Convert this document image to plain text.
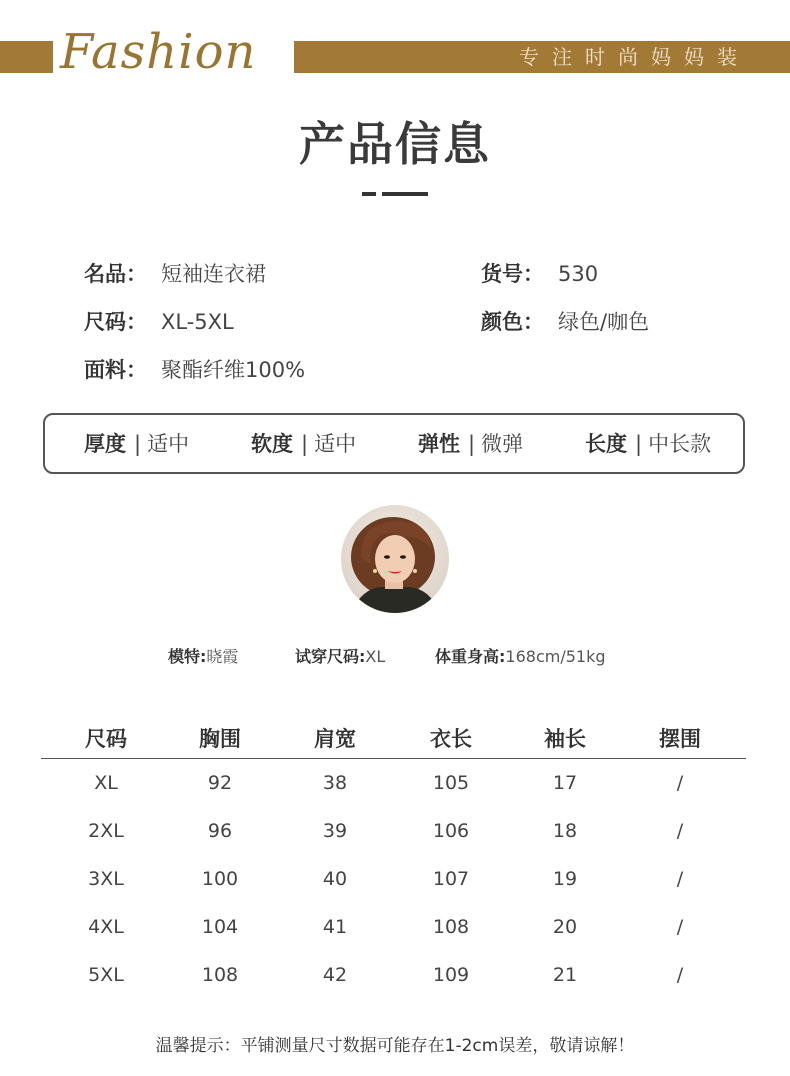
Fashion	专注时尚妈妈装
产品信息
名品： 短袖连衣裙	货号： 530
尺码： XL-5XL	颜色： 绿色/咖色
面料： 聚酯纤维100%
厚度 | 适中	软度 | 适中	弹性 | 微弹	长度 | 中长款
模特:晓霞	试穿尺码:XL	体重身高:168cm/51kg
尺码	胸围	肩宽	衣长	袖长	摆围
XL	92	38	105	17	/
2XL	96	39	106	18	/
3XL	100	40	107	19	/
4XL	104	41	108	20	/
5XL	108	42	109	21	/
温馨提示：平铺测量尺寸数据可能存在1-2cm误差，敬请谅解！
